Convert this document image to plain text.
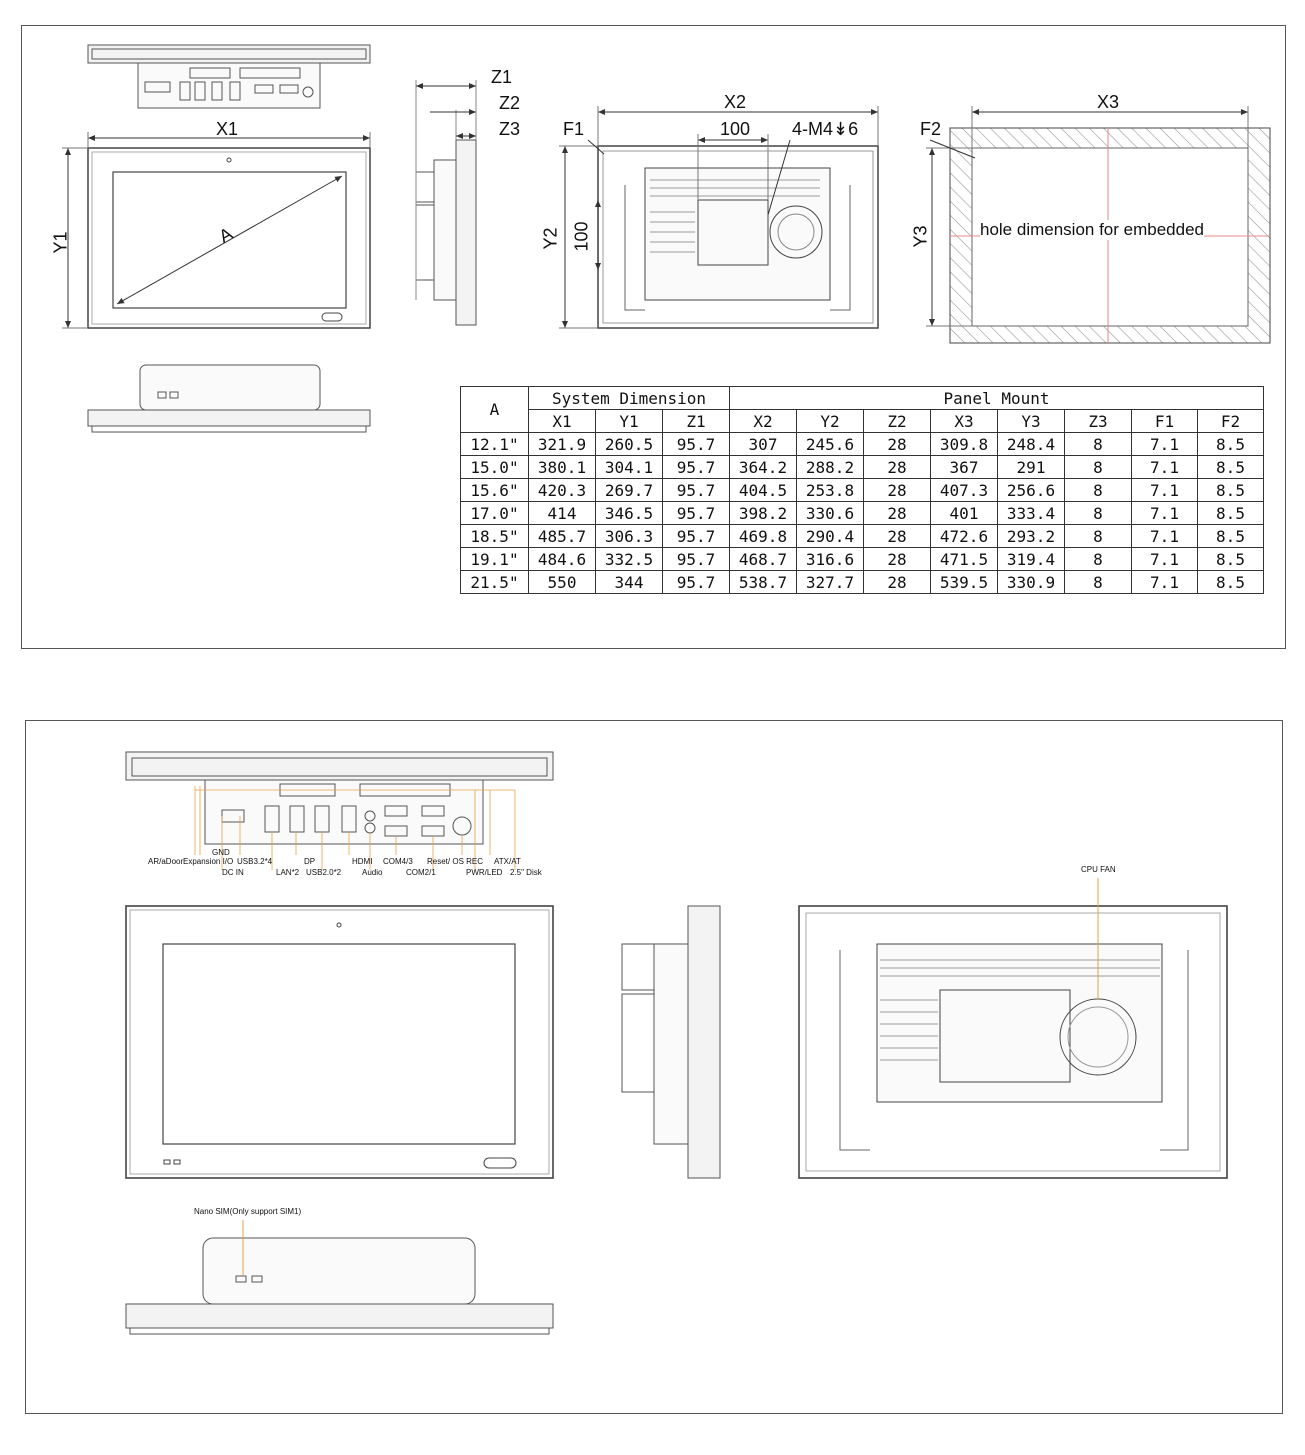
X1
Y1	A
Z1
Z2
Z3
X2
F1	100 4-M4↡6
Y2 100
X3
F2
Y3	hole dimension for embedded
A	System Dimension			Panel Mount							
	X1	Y1	Z1	X2	Y2	Z2	X3	Y3	Z3	F1	F2
12.1"	321.9	260.5	95.7	307	245.6	28	309.8	248.4	8	7.1	8.5
15.0"	380.1	304.1	95.7	364.2	288.2	28	367	291	8	7.1	8.5
15.6"	420.3	269.7	95.7	404.5	253.8	28	407.3	256.6	8	7.1	8.5
17.0"	414	346.5	95.7	398.2	330.6	28	401	333.4	8	7.1	8.5
18.5"	485.7	306.3	95.7	469.8	290.4	28	472.6	293.2	8	7.1	8.5
19.1"	484.6	332.5	95.7	468.7	316.6	28	471.5	319.4	8	7.1	8.5
21.5"	550	344	95.7	538.7	327.7	28	539.5	330.9	8	7.1	8.5
GND
AR/aDoor Expansion I/O
DC IN
USB3.2*4
LAN*2
DP
USB2.0*2
HDMI
Audio
COM4/3
COM2/1
Reset/ OS REC
PWR/LED
ATX/AT
2.5" Disk	CPU FAN
Nano SIM(Only support SIM1)
